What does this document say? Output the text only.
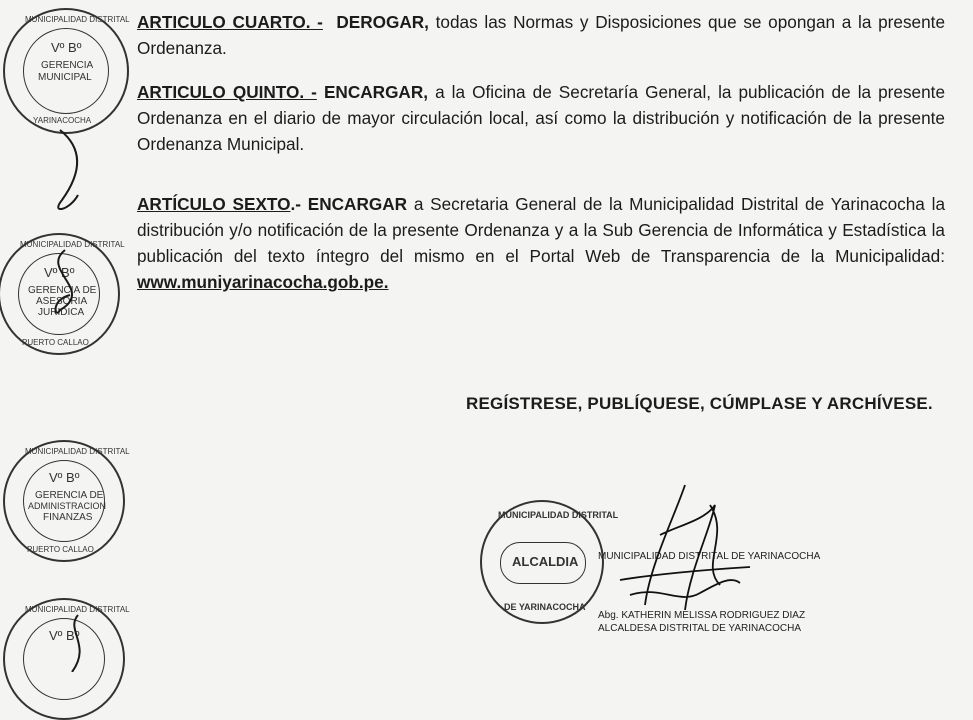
ARTICULO CUARTO. - DEROGAR, todas las Normas y Disposiciones que se opongan a la presente Ordenanza.

ARTICULO QUINTO. - ENCARGAR, a la Oficina de Secretaría General, la publicación de la presente Ordenanza en el diario de mayor circulación local, así como la distribución y notificación de la presente Ordenanza Municipal.

ARTÍCULO SEXTO.- ENCARGAR a Secretaria General de la Municipalidad Distrital de Yarinacocha la distribución y/o notificación de la presente Ordenanza y a la Sub Gerencia de Informática y Estadística la publicación del texto íntegro del mismo en el Portal Web de Transparencia de la Municipalidad: www.muniyarinacocha.gob.pe.

REGÍSTRESE, PUBLÍQUESE, CÚMPLASE Y ARCHÍVESE.
MUNICIPALIDAD DISTRITAL
Vº Bº
GERENCIA
MUNICIPAL
YARINACOCHA
MUNICIPALIDAD DISTRITAL
Vº Bº
GERENCIA DE
ASESORIA
JURIDICA
PUERTO CALLAO
MUNICIPALIDAD DISTRITAL
Vº Bº
GERENCIA DE
ADMINISTRACION
FINANZAS
PUERTO CALLAO
MUNICIPALIDAD DISTRITAL
Vº Bº
MUNICIPALIDAD DISTRITAL
ALCALDIA
DE YARINACOCHA
MUNICIPALIDAD DISTRITAL DE YARINACOCHA
Abg. KATHERIN MELISSA RODRIGUEZ DIAZ
ALCALDESA DISTRITAL DE YARINACOCHA
